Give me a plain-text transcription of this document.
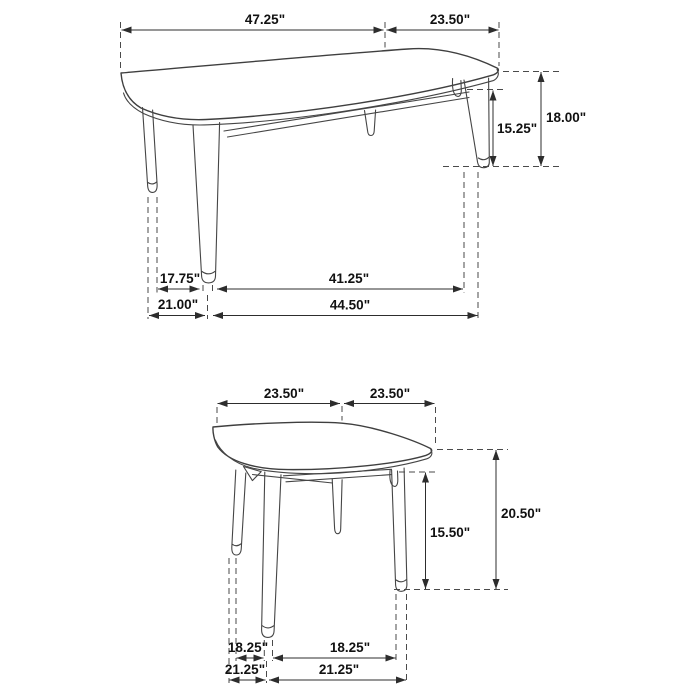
47.25"	23.50"
18.00"
15.25"
17.75"	41.25"
21.00"	44.50"
23.50"	23.50"
20.50"
15.50"
18.25"	18.25"
21.25"	21.25"
